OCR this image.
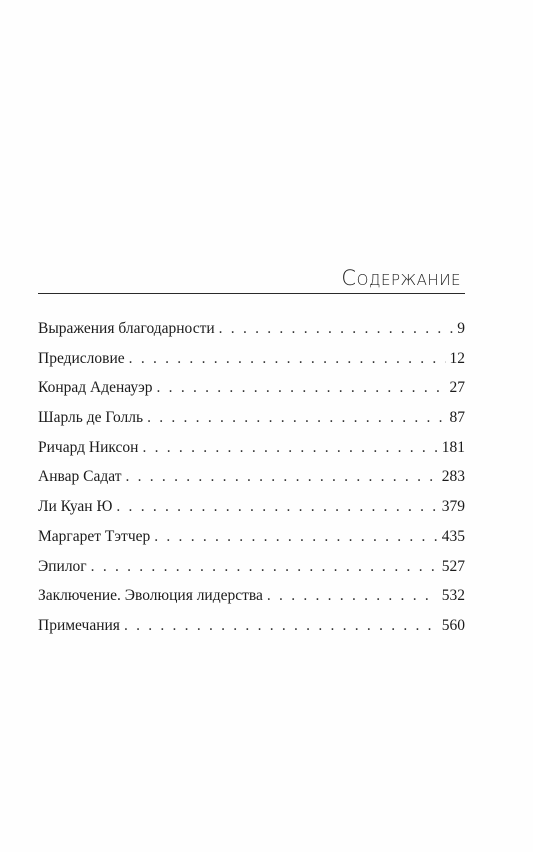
Содержание
Выражения благодарности . . .	9
Предисловие . . .	12
Конрад Аденауэр . . .	27
Шарль де Голль . . .	87
Ричард Никсон . . .	181
Анвар Садат . . .	283
Ли Куан Ю . . .	379
Маргарет Тэтчер . . .	435
Эпилог . . .	527
Заключение. Эволюция лидерства . . .	532
Примечания . . .	560
